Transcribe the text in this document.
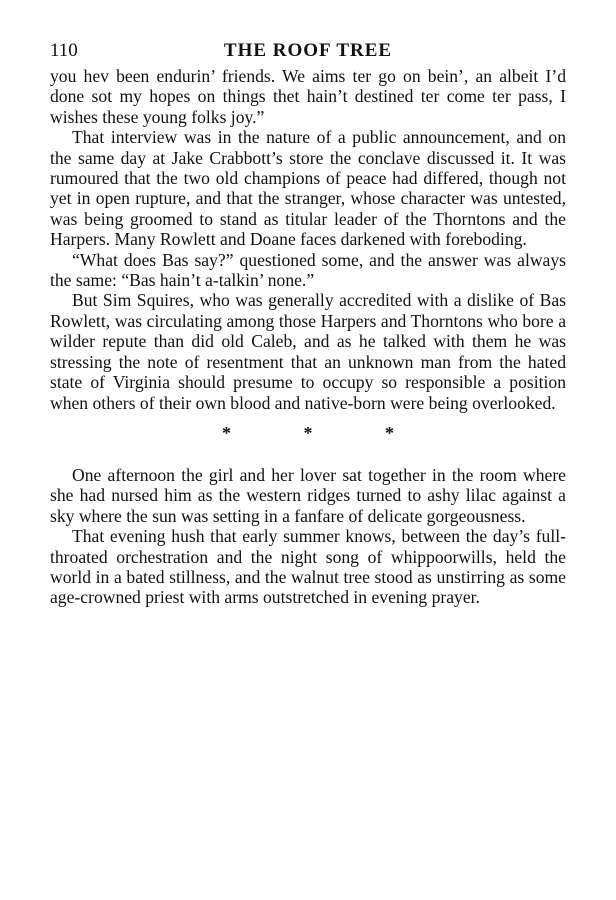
110	THE ROOF TREE

you hev been endurin’ friends. We aims ter go on bein’, an albeit I’d done sot my hopes on things thet hain’t destined ter come ter pass, I wishes these young folks joy.”

That interview was in the nature of a public announcement, and on the same day at Jake Crabbott’s store the conclave discussed it. It was rumoured that the two old champions of peace had differed, though not yet in open rupture, and that the stranger, whose character was untested, was being groomed to stand as titular leader of the Thorntons and the Harpers. Many Rowlett and Doane faces darkened with foreboding.

“What does Bas say?” questioned some, and the answer was always the same: “Bas hain’t a-talkin’ none.”

But Sim Squires, who was generally accredited with a dislike of Bas Rowlett, was circulating among those Harpers and Thorntons who bore a wilder repute than did old Caleb, and as he talked with them he was stressing the note of resentment that an unknown man from the hated state of Virginia should presume to occupy so responsible a position when others of their own blood and native-born were being overlooked.

* * *

One afternoon the girl and her lover sat together in the room where she had nursed him as the western ridges turned to ashy lilac against a sky where the sun was setting in a fanfare of delicate gorgeousness.

That evening hush that early summer knows, between the day’s full-throated orchestration and the night song of whippoorwills, held the world in a bated stillness, and the walnut tree stood as unstirring as some age-crowned priest with arms outstretched in evening prayer.
